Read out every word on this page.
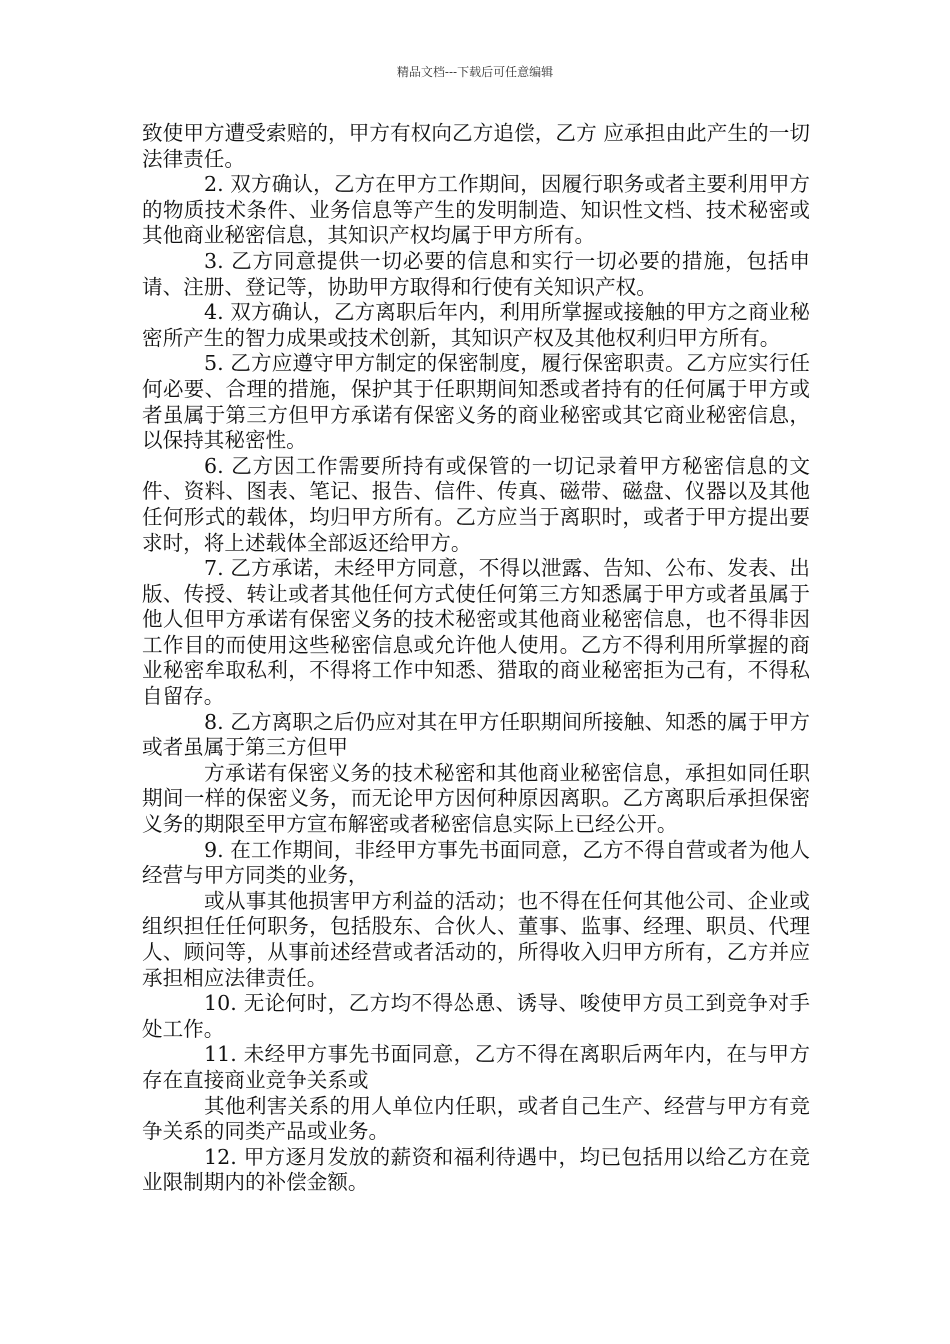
精品文档---下载后可任意编辑

致使甲方遭受索赔的，甲方有权向乙方追偿，乙方 应承担由此产生的一切法律责任。

2. 双方确认，乙方在甲方工作期间，因履行职务或者主要利用甲方的物质技术条件、业务信息等产生的发明制造、知识性文档、技术秘密或其他商业秘密信息，其知识产权均属于甲方所有。

3. 乙方同意提供一切必要的信息和实行一切必要的措施，包括申请、注册、登记等，协助甲方取得和行使有关知识产权。

4. 双方确认，乙方离职后年内，利用所掌握或接触的甲方之商业秘密所产生的智力成果或技术创新，其知识产权及其他权利归甲方所有。

5. 乙方应遵守甲方制定的保密制度，履行保密职责。乙方应实行任何必要、合理的措施，保护其于任职期间知悉或者持有的任何属于甲方或者虽属于第三方但甲方承诺有保密义务的商业秘密或其它商业秘密信息，以保持其秘密性。

6. 乙方因工作需要所持有或保管的一切记录着甲方秘密信息的文件、资料、图表、笔记、报告、信件、传真、磁带、磁盘、仪器以及其他任何形式的载体，均归甲方所有。乙方应当于离职时，或者于甲方提出要求时，将上述载体全部返还给甲方。

7. 乙方承诺，未经甲方同意，不得以泄露、告知、公布、发表、出版、传授、转让或者其他任何方式使任何第三方知悉属于甲方或者虽属于他人但甲方承诺有保密义务的技术秘密或其他商业秘密信息，也不得非因工作目的而使用这些秘密信息或允许他人使用。乙方不得利用所掌握的商业秘密牟取私利，不得将工作中知悉、猎取的商业秘密拒为己有，不得私自留存。

8. 乙方离职之后仍应对其在甲方任职期间所接触、知悉的属于甲方或者虽属于第三方但甲

方承诺有保密义务的技术秘密和其他商业秘密信息，承担如同任职期间一样的保密义务，而无论甲方因何种原因离职。乙方离职后承担保密义务的期限至甲方宣布解密或者秘密信息实际上已经公开。

9. 在工作期间，非经甲方事先书面同意，乙方不得自营或者为他人经营与甲方同类的业务，

或从事其他损害甲方利益的活动；也不得在任何其他公司、企业或组织担任任何职务，包括股东、合伙人、董事、监事、经理、职员、代理人、顾问等，从事前述经营或者活动的，所得收入归甲方所有，乙方并应承担相应法律责任。

10. 无论何时，乙方均不得怂恿、诱导、唆使甲方员工到竞争对手处工作。

11. 未经甲方事先书面同意，乙方不得在离职后两年内，在与甲方存在直接商业竞争关系或

其他利害关系的用人单位内任职，或者自己生产、经营与甲方有竞争关系的同类产品或业务。

12. 甲方逐月发放的薪资和福利待遇中，均已包括用以给乙方在竞业限制期内的补偿金额。
